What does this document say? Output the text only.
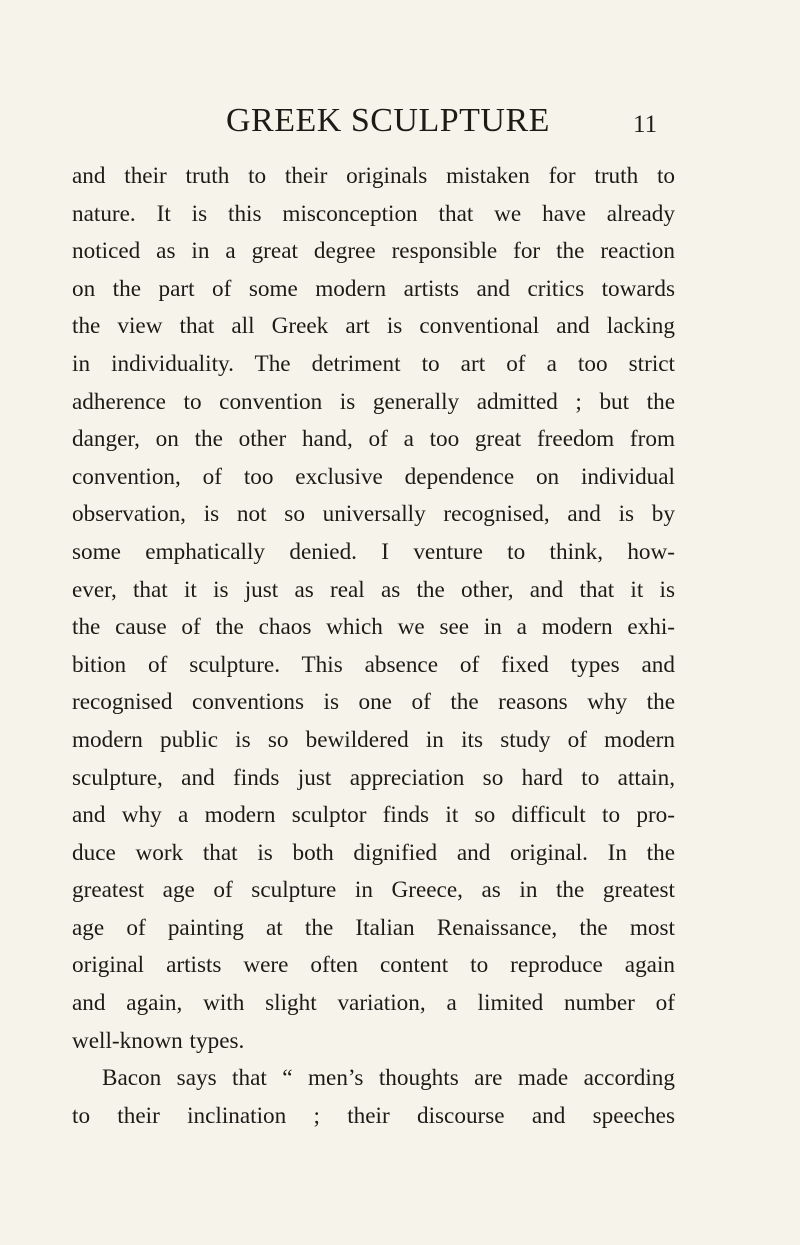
GREEK SCULPTURE	11
and their truth to their originals mistaken for truth to
nature. It is this misconception that we have already
noticed as in a great degree responsible for the reaction
on the part of some modern artists and critics towards
the view that all Greek art is conventional and lacking
in individuality. The detriment to art of a too strict
adherence to convention is generally admitted ; but the
danger, on the other hand, of a too great freedom from
convention, of too exclusive dependence on individual
observation, is not so universally recognised, and is by
some emphatically denied. I venture to think, how-
ever, that it is just as real as the other, and that it is
the cause of the chaos which we see in a modern exhi-
bition of sculpture. This absence of fixed types and
recognised conventions is one of the reasons why the
modern public is so bewildered in its study of modern
sculpture, and finds just appreciation so hard to attain,
and why a modern sculptor finds it so difficult to pro-
duce work that is both dignified and original. In the
greatest age of sculpture in Greece, as in the greatest
age of painting at the Italian Renaissance, the most
original artists were often content to reproduce again
and again, with slight variation, a limited number of
well-known types.
Bacon says that “ men’s thoughts are made according
to their inclination ; their discourse and speeches
